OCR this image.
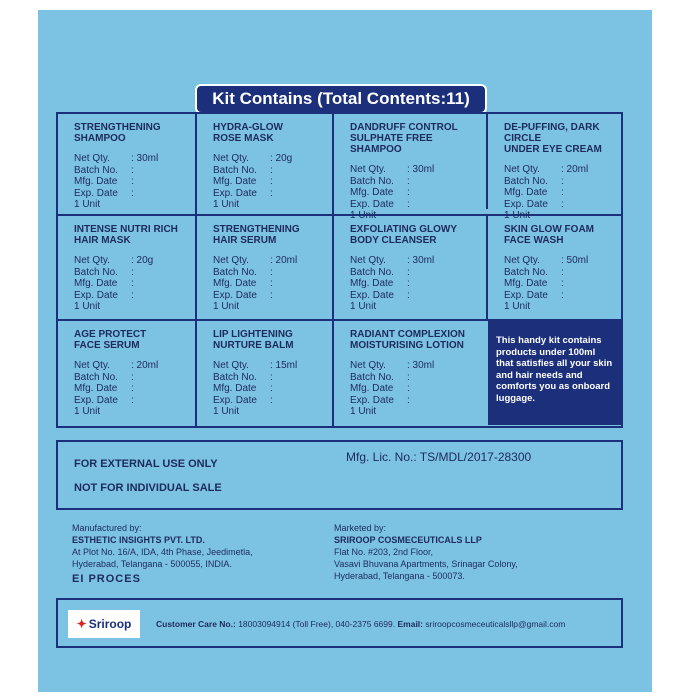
Kit Contains (Total Contents:11)
STRENGTHENING
SHAMPOO
Net Qty.	: 30ml
Batch No.	:
Mfg. Date	:
Exp. Date	:
1 Unit
HYDRA-GLOW
ROSE MASK
Net Qty.	: 20g
Batch No.	:
Mfg. Date	:
Exp. Date	:
1 Unit
DANDRUFF CONTROL
SULPHATE FREE SHAMPOO
Net Qty.	: 30ml
Batch No.	:
Mfg. Date	:
Exp. Date	:
1 Unit
DE-PUFFING, DARK CIRCLE
UNDER EYE CREAM
Net Qty.	: 20ml
Batch No.	:
Mfg. Date	:
Exp. Date	:
1 Unit
INTENSE NUTRI RICH
HAIR MASK
Net Qty.	: 20g
Batch No.	:
Mfg. Date	:
Exp. Date	:
1 Unit
STRENGTHENING
HAIR SERUM
Net Qty.	: 20ml
Batch No.	:
Mfg. Date	:
Exp. Date	:
1 Unit
EXFOLIATING GLOWY
BODY CLEANSER
Net Qty.	: 30ml
Batch No.	:
Mfg. Date	:
Exp. Date	:
1 Unit
SKIN GLOW FOAM
FACE WASH
Net Qty.	: 50ml
Batch No.	:
Mfg. Date	:
Exp. Date	:
1 Unit
AGE PROTECT
FACE SERUM
Net Qty.	: 20ml
Batch No.	:
Mfg. Date	:
Exp. Date	:
1 Unit
LIP LIGHTENING
NURTURE BALM
Net Qty.	: 15ml
Batch No.	:
Mfg. Date	:
Exp. Date	:
1 Unit
RADIANT COMPLEXION
MOISTURISING LOTION
Net Qty.	: 30ml
Batch No.	:
Mfg. Date	:
Exp. Date	:
1 Unit
This handy kit contains products under 100ml that satisfies all your skin and hair needs and comforts you as onboard luggage.
FOR EXTERNAL USE ONLY
NOT FOR INDIVIDUAL SALE
Mfg. Lic. No.: TS/MDL/2017-28300
Manufactured by:
ESTHETIC INSIGHTS PVT. LTD.
At Plot No. 16/A, IDA, 4th Phase, Jeedimetla,
Hyderabad, Telangana - 500055, INDIA.
EI PROCES
Marketed by:
SRIROOP COSMECEUTICALS LLP
Flat No. #203, 2nd Floor,
Vasavi Bhuvana Apartments, Srinagar Colony,
Hyderabad, Telangana - 500073.
✦ Sriroop	Customer Care No.: 18003094914 (Toll Free), 040-2375 6699. Email: sriroopcosmeceuticalsllp@gmail.com
